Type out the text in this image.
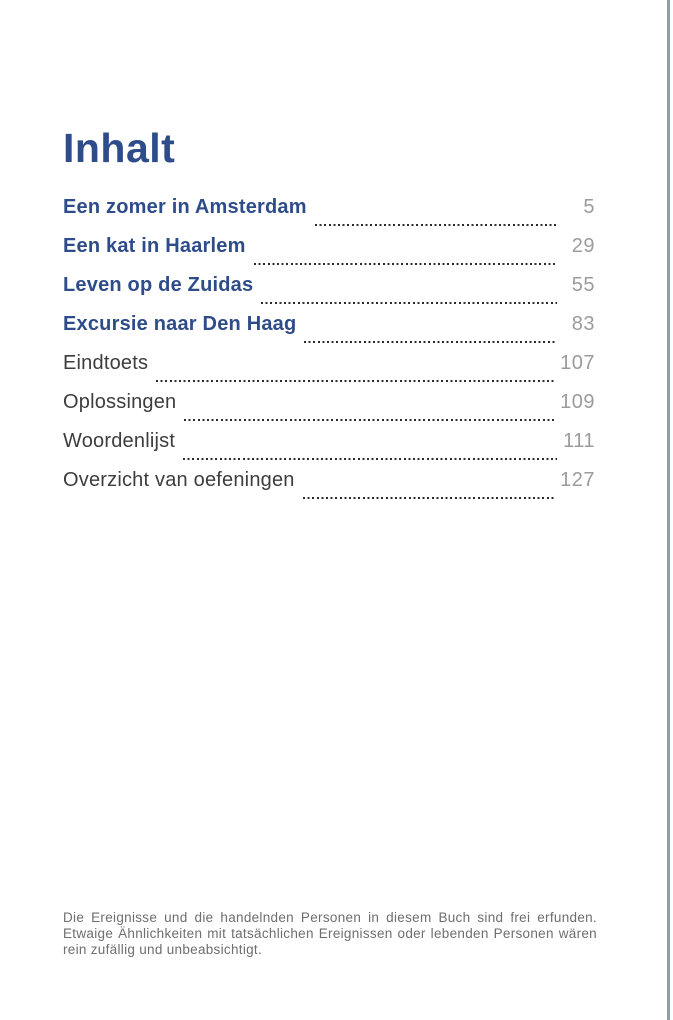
Inhalt
Een zomer in Amsterdam	5
Een kat in Haarlem	29
Leven op de Zuidas	55
Excursie naar Den Haag	83
Eindtoets	107
Oplossingen	109
Woordenlijst	111
Overzicht van oefeningen	127

Die Ereignisse und die handelnden Personen in diesem Buch sind frei erfunden. Etwaige Ähnlichkeiten mit tatsächlichen Ereignissen oder lebenden Personen wären rein zufällig und unbeabsichtigt.
